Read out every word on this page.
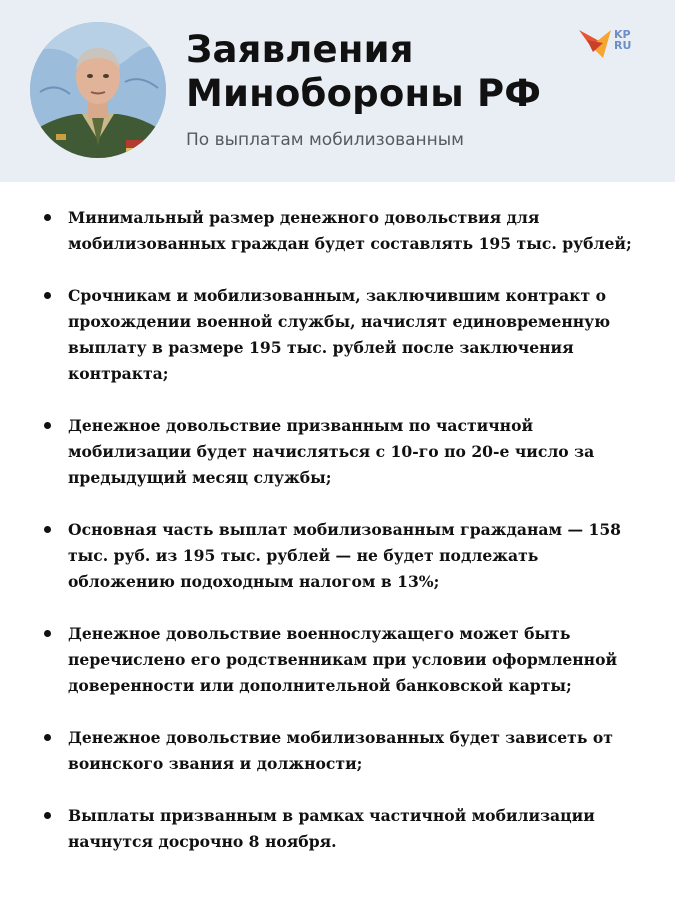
Заявления
Минобороны РФ
По выплатам мобилизованным
KP
RU
Минимальный размер денежного довольствия для мобилизованных граждан будет составлять 195 тыс. рублей;
Срочникам и мобилизованным, заключившим контракт о прохождении военной службы, начислят единовременную выплату в размере 195 тыс. рублей после заключения контракта;
Денежное довольствие призванным по частичной мобилизации будет начисляться с 10-го по 20-е число за предыдущий месяц службы;
Основная часть выплат мобилизованным гражданам — 158 тыс. руб. из 195 тыс. рублей — не будет подлежать обложению подоходным налогом в 13%;
Денежное довольствие военнослужащего может быть перечислено его родственникам при условии оформленной доверенности или дополнительной банковской карты;
Денежное довольствие мобилизованных будет зависеть от воинского звания и должности;
Выплаты призванным в рамках частичной мобилизации начнутся досрочно 8 ноября.
